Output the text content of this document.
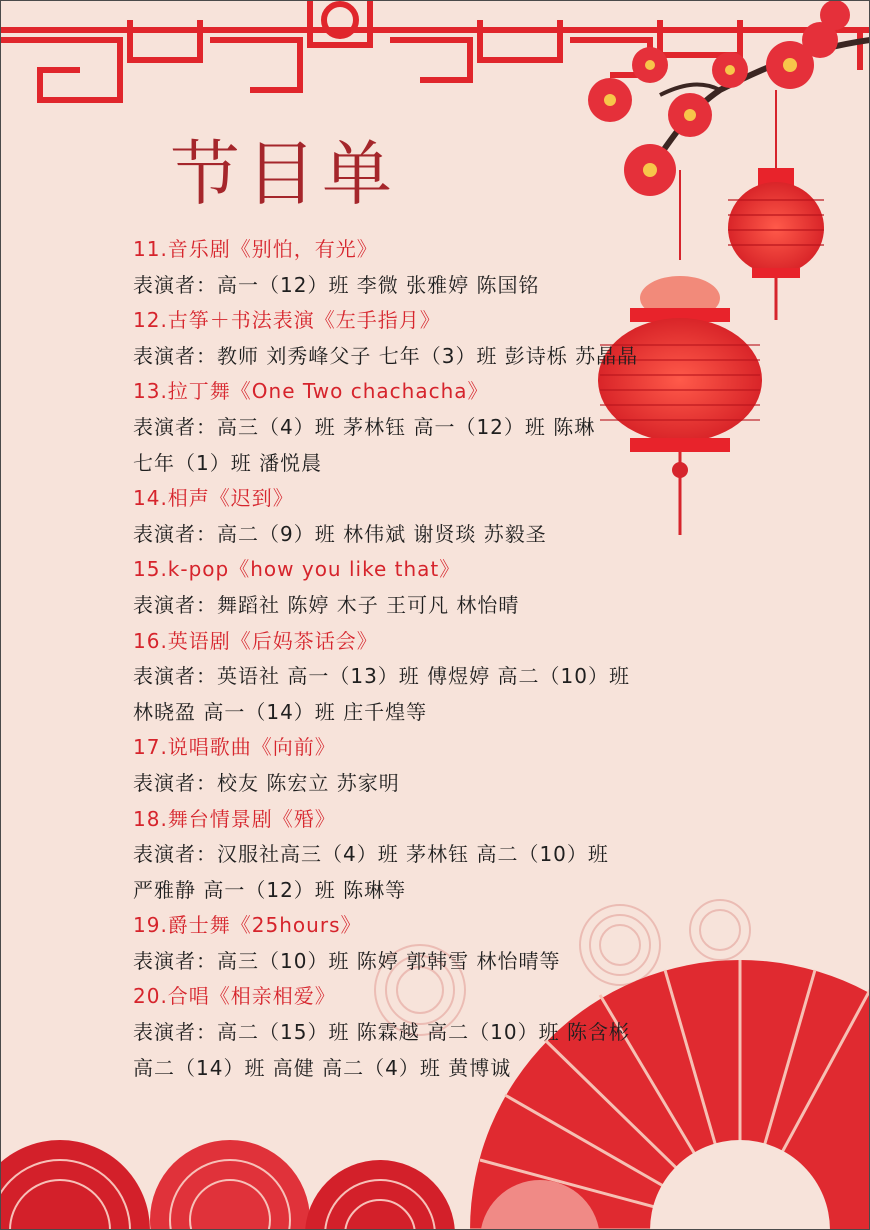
节目单
11.音乐剧《别怕，有光》
表演者：高一（12）班 李微 张雅婷 陈国铭
12.古筝＋书法表演《左手指月》
表演者：教师 刘秀峰父子 七年（3）班 彭诗栎 苏晶晶
13.拉丁舞《One Two chachacha》
表演者：高三（4）班 茅林钰 高一（12）班 陈琳
七年（1）班 潘悦晨
14.相声《迟到》
表演者：高二（9）班 林伟斌 谢贤琰 苏毅圣
15.k-pop《how you like that》
表演者：舞蹈社 陈婷 木子 王可凡 林怡晴
16.英语剧《后妈茶话会》
表演者：英语社 高一（13）班 傅煜婷 高二（10）班
林晓盈 高一（14）班 庄千煌等
17.说唱歌曲《向前》
表演者：校友 陈宏立 苏家明
18.舞台情景剧《殙》
表演者：汉服社高三（4）班 茅林钰 高二（10）班
严雅静 高一（12）班 陈琳等
19.爵士舞《25hours》
表演者：高三（10）班 陈婷 郭韩雪 林怡晴等
20.合唱《相亲相爱》
表演者：高二（15）班 陈霖越 高二（10）班 陈含彬
高二（14）班 高健 高二（4）班 黄博诚
